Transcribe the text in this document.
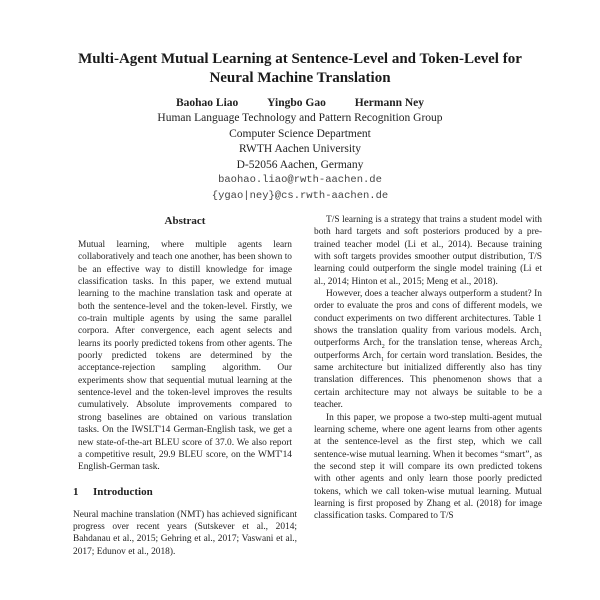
Multi-Agent Mutual Learning at Sentence-Level and Token-Level for
Neural Machine Translation
Baohao Liao	Yingbo Gao	Hermann Ney
Human Language Technology and Pattern Recognition Group
Computer Science Department
RWTH Aachen University
D-52056 Aachen, Germany
baohao.liao@rwth-aachen.de
{ygao|ney}@cs.rwth-aachen.de
Abstract

Mutual learning, where multiple agents learn collaboratively and teach one another, has been shown to be an effective way to distill knowledge for image classification tasks. In this paper, we extend mutual learning to the machine translation task and operate at both the sentence-level and the token-level. Firstly, we co-train multiple agents by using the same parallel corpora. After convergence, each agent selects and learns its poorly predicted tokens from other agents. The poorly predicted tokens are determined by the acceptance-rejection sampling algorithm. Our experiments show that sequential mutual learning at the sentence-level and the token-level improves the results cumulatively. Absolute improvements compared to strong baselines are obtained on various translation tasks. On the IWSLT'14 German-English task, we get a new state-of-the-art BLEU score of 37.0. We also report a competitive result, 29.9 BLEU score, on the WMT'14 English-German task.

1 Introduction

Neural machine translation (NMT) has achieved significant progress over recent years (Sutskever et al., 2014; Bahdanau et al., 2015; Gehring et al., 2017; Vaswani et al., 2017; Edunov et al., 2018).

T/S learning is a strategy that trains a student model with both hard targets and soft posteriors produced by a pre-trained teacher model (Li et al., 2014). Because training with soft targets provides smoother output distribution, T/S learning could outperform the single model training (Li et al., 2014; Hinton et al., 2015; Meng et al., 2018).

However, does a teacher always outperform a student? In order to evaluate the pros and cons of different models, we conduct experiments on two different architectures. Table 1 shows the translation quality from various models. Arch$_1$ outperforms Arch$_2$ for the translation tense, whereas Arch$_2$ outperforms Arch$_1$ for certain word translation. Besides, the same architecture but initialized differently also has tiny translation differences. This phenomenon shows that a certain architecture may not always be suitable to be a teacher.

In this paper, we propose a two-step multi-agent mutual learning scheme, where one agent learns from other agents at the sentence-level as the first step, which we call sentence-wise mutual learning. When it becomes “smart”, as the second step it will compare its own predicted tokens with other agents and only learn those poorly predicted tokens, which we call token-wise mutual learning. Mutual learning is first proposed by Zhang et al. (2018) for image classification tasks. Compared to T/S
